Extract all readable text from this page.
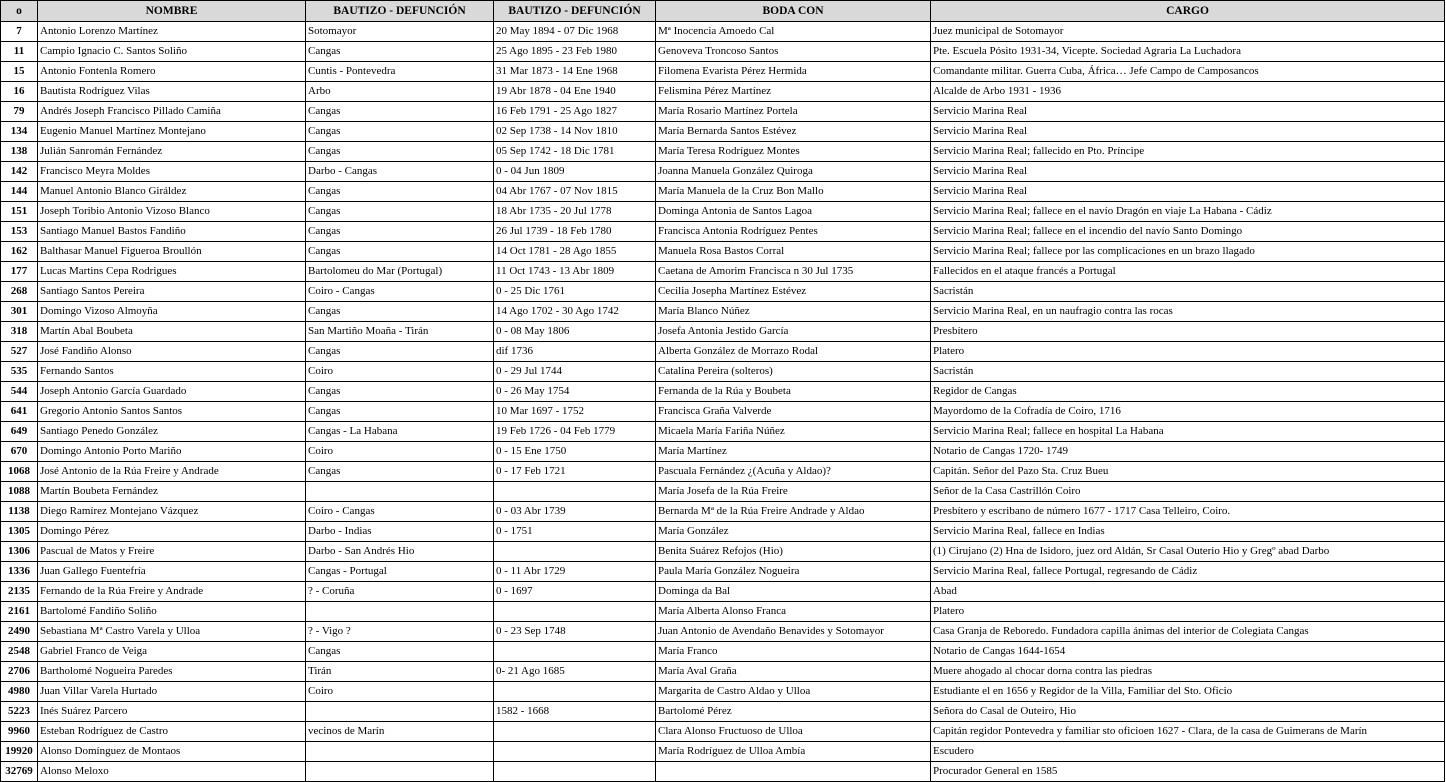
o	NOMBRE	BAUTIZO - DEFUNCIÓN	BAUTIZO - DEFUNCIÓN	BODA CON	CARGO
7	Antonio Lorenzo Martínez	Sotomayor	20 May 1894 - 07 Dic 1968	Mª Inocencia Amoedo Cal	Juez municipal de Sotomayor
11	Campio Ignacio C. Santos Soliño	Cangas	25 Ago 1895 - 23 Feb 1980	Genoveva Troncoso Santos	Pte. Escuela Pósito 1931-34, Vicepte. Sociedad Agraria La Luchadora
15	Antonio Fontenla Romero	Cuntis - Pontevedra	31 Mar 1873 - 14 Ene 1968	Filomena Evarista Pérez Hermida	Comandante militar. Guerra Cuba, África… Jefe Campo de Camposancos
16	Bautista Rodríguez Vilas	Arbo	19 Abr 1878 - 04 Ene 1940	Felismina Pérez Martínez	Alcalde de Arbo 1931 - 1936
79	Andrés Joseph Francisco Pillado Camiña	Cangas	16 Feb 1791 - 25 Ago 1827	María Rosario Martínez Portela	Servicio Marina Real
134	Eugenio Manuel Martínez Montejano	Cangas	02 Sep 1738 - 14 Nov 1810	María Bernarda Santos Estévez	Servicio Marina Real
138	Julián Sanromán Fernández	Cangas	05 Sep 1742 - 18 Dic 1781	María Teresa Rodríguez Montes	Servicio Marina Real; fallecido en Pto. Príncipe
142	Francisco Meyra Moldes	Darbo - Cangas	0 - 04 Jun 1809	Joanna Manuela González Quiroga	Servicio Marina Real
144	Manuel Antonio Blanco Giráldez	Cangas	04 Abr 1767 - 07 Nov 1815	María Manuela de la Cruz Bon Mallo	Servicio Marina Real
151	Joseph Toribio Antonio Vizoso Blanco	Cangas	18 Abr 1735 - 20 Jul 1778	Dominga Antonia de Santos Lagoa	Servicio Marina Real; fallece en el navío Dragón en viaje La Habana - Cádiz
153	Santiago Manuel Bastos Fandiño	Cangas	26 Jul 1739 - 18 Feb 1780	Francisca Antonia Rodríguez Pentes	Servicio Marina Real; fallece en el incendio del navío Santo Domingo
162	Balthasar Manuel Figueroa Broullón	Cangas	14 Oct 1781 - 28 Ago 1855	Manuela Rosa Bastos Corral	Servicio Marina Real; fallece por las complicaciones en un brazo llagado
177	Lucas Martins Cepa Rodrigues	Bartolomeu do Mar (Portugal)	11 Oct 1743 - 13 Abr 1809	Caetana de Amorim Francisca n 30 Jul 1735	Fallecidos en el ataque francés a Portugal
268	Santiago Santos Pereira	Coiro - Cangas	0 - 25 Dic 1761	Cecilia Josepha Martínez Estévez	Sacristán
301	Domingo Vizoso Almoyña	Cangas	14 Ago 1702 - 30 Ago 1742	María Blanco Núñez	Servicio Marina Real, en un naufragio contra las rocas
318	Martín Abal Boubeta	San Martiño Moaña - Tirán	0 - 08 May 1806	Josefa Antonia Jestido García	Presbítero
527	José Fandiño Alonso	Cangas	dif 1736	Alberta González de Morrazo Rodal	Platero
535	Fernando Santos	Coiro	0 - 29 Jul 1744	Catalina Pereira (solteros)	Sacristán
544	Joseph Antonio García Guardado	Cangas	0 - 26 May 1754	Fernanda de la Rúa y Boubeta	Regidor de Cangas
641	Gregorio Antonio Santos Santos	Cangas	10 Mar 1697 - 1752	Francisca Graña Valverde	Mayordomo de la Cofradía de Coiro, 1716
649	Santiago Penedo González	Cangas - La Habana	19 Feb 1726 - 04 Feb 1779	Micaela María Fariña Núñez	Servicio Marina Real; fallece en hospital La Habana
670	Domingo Antonio Porto Mariño	Coiro	0 - 15 Ene 1750	María Martínez	Notario de Cangas 1720- 1749
1068	José Antonio de la Rúa Freire y Andrade	Cangas	0 - 17 Feb 1721	Pascuala Fernández ¿(Acuña y Aldao)?	Capitán. Señor del Pazo Sta. Cruz Bueu
1088	Martín Boubeta Fernández			María Josefa de la Rúa Freire	Señor de la Casa Castrillón Coiro
1138	Diego Ramírez Montejano Vázquez	Coiro - Cangas	0 - 03 Abr 1739	Bernarda Mª de la Rúa Freire Andrade y Aldao	Presbítero y escribano de número 1677 - 1717 Casa Telleiro, Coiro.
1305	Domingo Pérez	Darbo - Indias	0 - 1751	María González	Servicio Marina Real, fallece en Indias
1306	Pascual de Matos y Freire	Darbo - San Andrés Hio		Benita Suárez Refojos (Hio)	(1) Cirujano (2) Hna de Isidoro, juez ord Aldán, Sr Casal Outerio Hio y Gregº abad Darbo
1336	Juan Gallego Fuentefría	Cangas - Portugal	0 - 11 Abr 1729	Paula María González Nogueira	Servicio Marina Real, fallece Portugal, regresando de Cádiz
2135	Fernando de la Rúa Freire y Andrade	? - Coruña	0 - 1697	Dominga da Bal	Abad
2161	Bartolomé Fandiño Soliño			María Alberta Alonso Franca	Platero
2490	Sebastiana Mª Castro Varela y Ulloa	? - Vigo ?	0 - 23 Sep 1748	Juan Antonio de Avendaño Benavides y Sotomayor	Casa Granja de Reboredo. Fundadora capilla ánimas del interior de Colegiata Cangas
2548	Gabriel Franco de Veiga	Cangas		María Franco	Notario de Cangas 1644-1654
2706	Bartholomé Nogueira Paredes	Tirán	0- 21 Ago 1685	María Aval Graña	Muere ahogado al chocar dorna contra las piedras
4980	Juan Villar Varela Hurtado	Coiro		Margarita de Castro Aldao y Ulloa	Estudiante el en 1656 y Regidor de la Villa, Familiar del Sto. Oficio
5223	Inés Suárez Parcero		1582 - 1668	Bartolomé Pérez	Señora do Casal de Outeiro, Hio
9960	Esteban Rodríguez de Castro	vecinos de Marín		Clara Alonso Fructuoso de Ulloa	Capitán regidor Pontevedra y familiar sto oficioen 1627 - Clara, de la casa de Guimerans de Marín
19920	Alonso Domínguez de Montaos			María Rodríguez de Ulloa Ambía	Escudero
32769	Alonso Meloxo				Procurador General en 1585
